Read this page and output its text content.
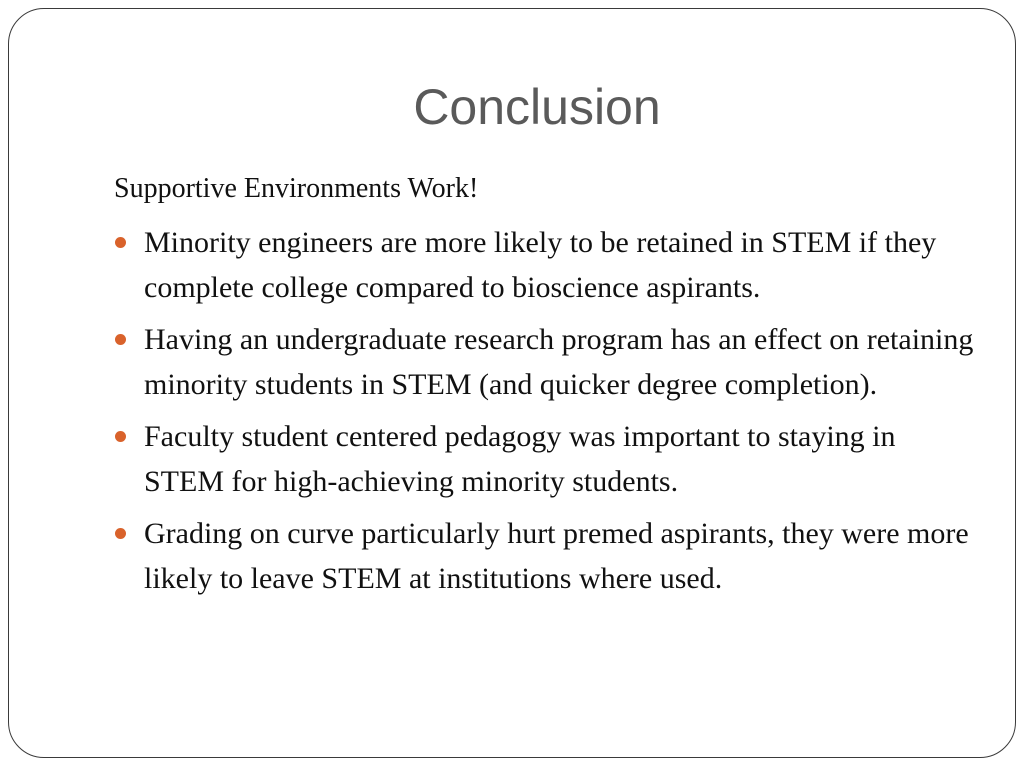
Conclusion
Supportive Environments Work!
Minority engineers are more likely to be retained in STEM if they complete college compared to bioscience aspirants.
Having an undergraduate research program has an effect on retaining minority students in STEM (and quicker degree completion).
Faculty student centered pedagogy was important to staying in STEM for high-achieving minority students.
Grading on curve particularly hurt premed aspirants, they were more likely to leave STEM at institutions where used.
